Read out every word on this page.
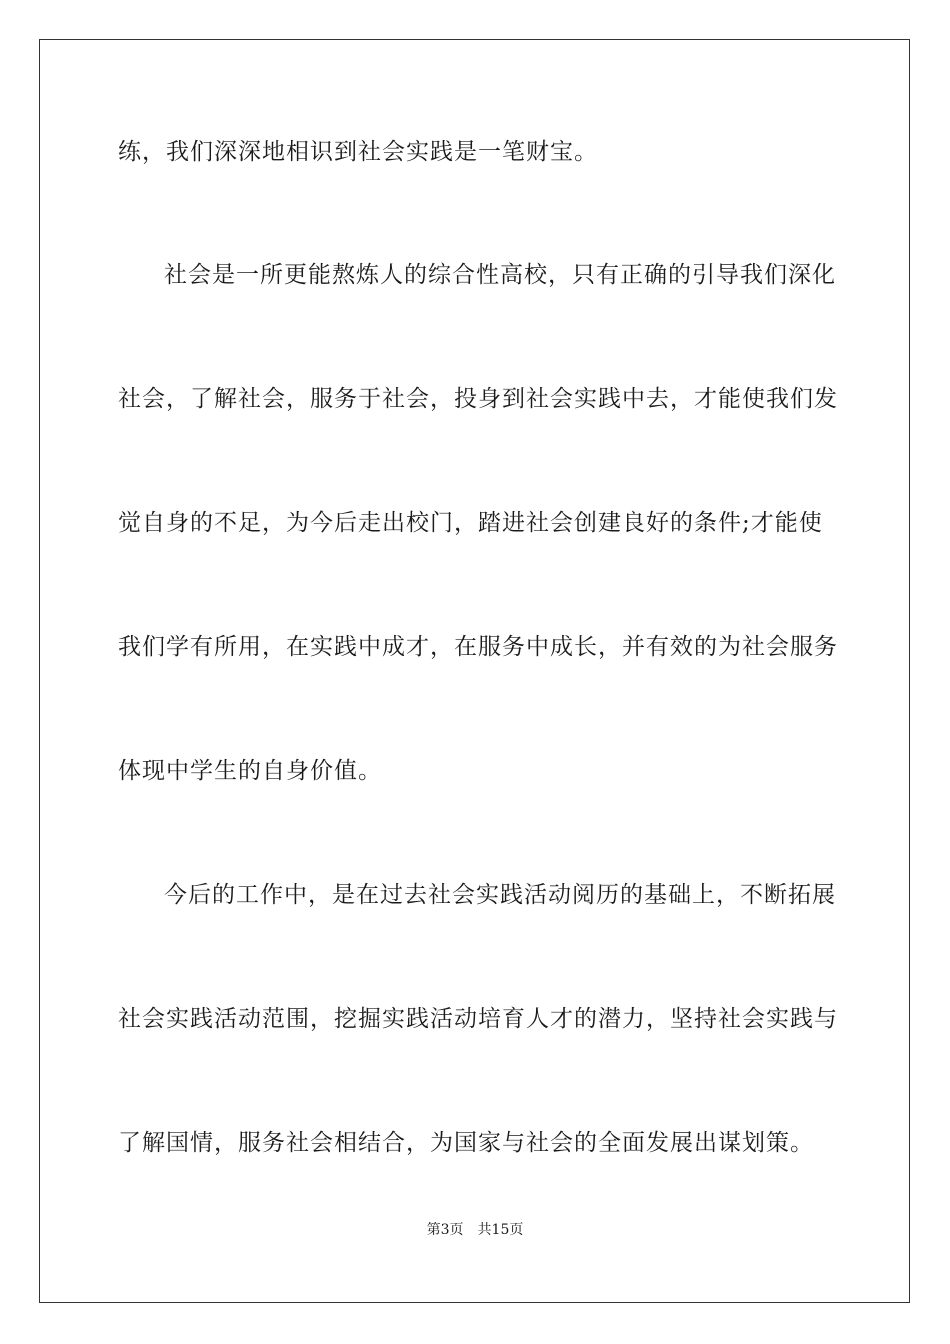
练，我们深深地相识到社会实践是一笔财宝。
社会是一所更能熬炼人的综合性高校，只有正确的引导我们深化
社会，了解社会，服务于社会，投身到社会实践中去，才能使我们发
觉自身的不足，为今后走出校门，踏进社会创建良好的条件;才能使
我们学有所用，在实践中成才，在服务中成长，并有效的为社会服务
体现中学生的自身价值。
今后的工作中，是在过去社会实践活动阅历的基础上，不断拓展
社会实践活动范围，挖掘实践活动培育人才的潜力，坚持社会实践与
了解国情，服务社会相结合，为国家与社会的全面发展出谋划策。
第3页 共15页
